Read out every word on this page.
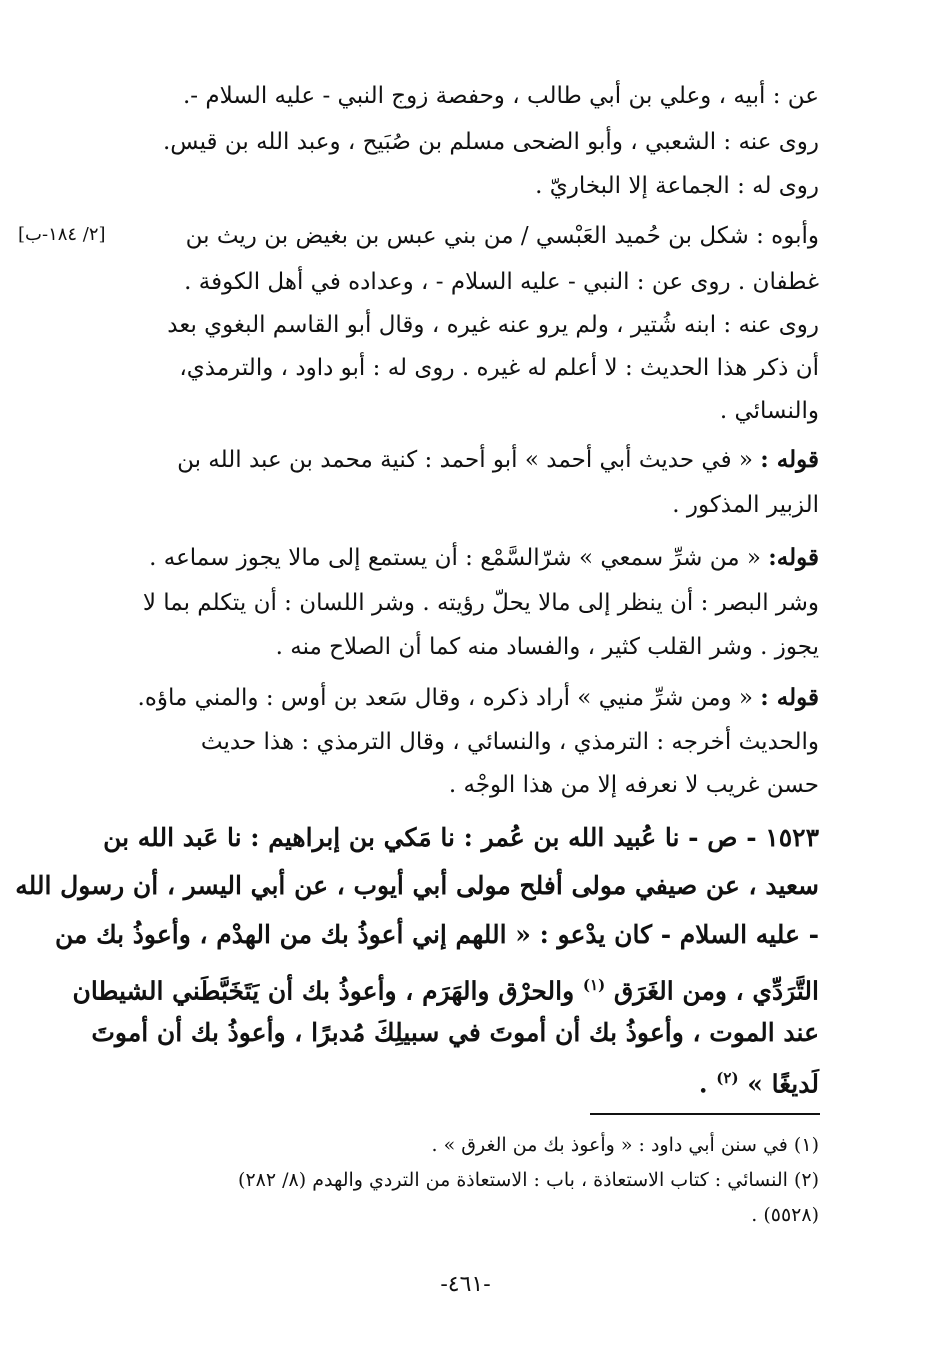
عن : أبيه ، وعلي بن أبي طالب ، وحفصة زوج النبي - عليه السلام -.
روى عنه : الشعبي ، وأبو الضحى مسلم بن صُبَيح ، وعبد الله بن قيس.
روى له : الجماعة إلا البخاريّ .
[٢/ ١٨٤-ب]	وأبوه : شكل بن حُميد العَبْسي / من بني عبس بن بغيض بن ريث بن
غطفان . روى عن : النبي - عليه السلام - ، وعداده في أهل الكوفة .
روى عنه : ابنه شُتير ، ولم يرو عنه غيره ، وقال أبو القاسم البغوي بعد
أن ذكر هذا الحديث : لا أعلم له غيره . روى له : أبو داود ، والترمذي،
والنسائي .
قوله : « في حديث أبي أحمد » أبو أحمد : كنية محمد بن عبد الله بن
الزبير المذكور .
قوله: « من شرِّ سمعي » شرّالسَّمْع : أن يستمع إلى مالا يجوز سماعه .
وشر البصر : أن ينظر إلى مالا يحلّ رؤيته . وشر اللسان : أن يتكلم بما لا
يجوز . وشر القلب كثير ، والفساد منه كما أن الصلاح منه .
قوله : « ومن شرِّ منيي » أراد ذكره ، وقال سَعد بن أوس : والمني ماؤه.
والحديث أخرجه : الترمذي ، والنسائي ، وقال الترمذي : هذا حديث
حسن غريب لا نعرفه إلا من هذا الوجْه .
١٥٢٣ - ص - نا عُبيد الله بن عُمر : نا مَكي بن إبراهيم : نا عَبد الله بن
سعيد ، عن صيفي مولى أفلح مولى أبي أيوب ، عن أبي اليسر ، أن رسول الله
- عليه السلام - كان يدْعو : « اللهم إني أعوذُ بك من الهدْم ، وأعوذُ بك من
التَّرَدِّي ، ومن الغَرَق $^{(١)}$ والحرْق والهَرَم ، وأعوذُ بك أن يَتَخَبَّطَني الشيطان
عند الموت ، وأعوذُ بك أن أموتَ في سبيلِكَ مُدبرًا ، وأعوذُ بك أن أموتَ
لَديغًا » $^{(٢)}$ .
(١) في سنن أبي داود : « وأعوذ بك من الغرق » .
(٢) النسائي : كتاب الاستعاذة ، باب : الاستعاذة من التردي والهدم (٨/ ٢٨٢)
(٥٥٢٨) .
-٤٦١-
